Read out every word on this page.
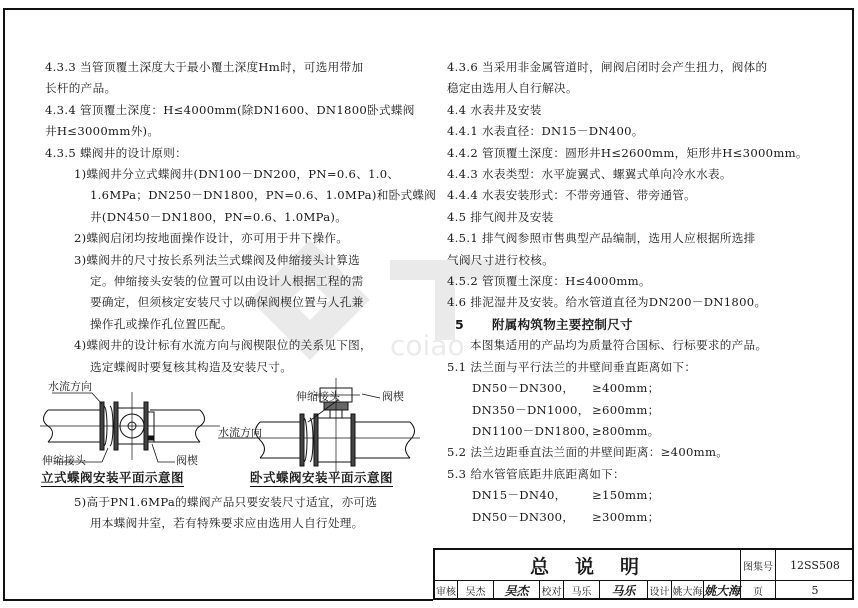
coiao
4.3.3 当管顶覆土深度大于最小覆土深度Hm时，可选用带加
长杆的产品。
4.3.4 管顶覆土深度：H≤4000mm(除DN1600、DN1800卧式蝶阀
井H≤3000mm外)。
4.3.5 蝶阀井的设计原则：
1)蝶阀井分立式蝶阀井(DN100－DN200，PN=0.6、1.0、
1.6MPa；DN250－DN1800，PN=0.6、1.0MPa)和卧式蝶阀
井(DN450－DN1800，PN=0.6、1.0MPa)。
2)蝶阀启闭均按地面操作设计，亦可用于井下操作。
3)蝶阀井的尺寸按长系列法兰式蝶阀及伸缩接头计算选
定。伸缩接头安装的位置可以由设计人根据工程的需
要确定，但须核定安装尺寸以确保阀楔位置与人孔兼
操作孔或操作孔位置匹配。
4)蝶阀井的设计标有水流方向与阀楔限位的关系见下图，
选定蝶阀时要复核其构造及安装尺寸。
水流方向
伸缩接头	阀楔
伸缩接头	阀楔
水流方向
立式蝶阀安装平面示意图	卧式蝶阀安装平面示意图
5)高于PN1.6MPa的蝶阀产品只要安装尺寸适宜，亦可选
用本蝶阀井室，若有特殊要求应由选用人自行处理。
4.3.6 当采用非金属管道时，闸阀启闭时会产生扭力，阀体的
稳定由选用人自行解决。
4.4 水表井及安装
4.4.1 水表直径：DN15－DN400。
4.4.2 管顶覆土深度：圆形井H≤2600mm，矩形井H≤3000mm。
4.4.3 水表类型：水平旋翼式、螺翼式单向冷水水表。
4.4.4 水表安装形式：不带旁通管、带旁通管。
4.5 排气阀井及安装
4.5.1 排气阀参照市售典型产品编制，选用人应根据所选排
气阀尺寸进行校核。
4.5.2 管顶覆土深度：H≤4000mm。
4.6 排泥湿井及安装。给水管道直径为DN200－DN1800。
5 附属构筑物主要控制尺寸
本图集适用的产品均为质量符合国标、行标要求的产品。
5.1 法兰面与平行法兰的井壁间垂直距离如下：
DN50－DN300，	≥400mm；
DN350－DN1000， ≥600mm；
DN1100－DN1800，
≥800mm。
5.2 法兰边距垂直法兰面的井壁间距离：≥400mm。
5.3 给水管管底距井底距离如下：
DN15－DN40，	≥150mm；
DN50－DN300，	≥300mm；
总说明	图集号	12SS508
审核 吴杰	吴杰	校对	马乐	马乐	设计 姚大海 姚大海	页	5
